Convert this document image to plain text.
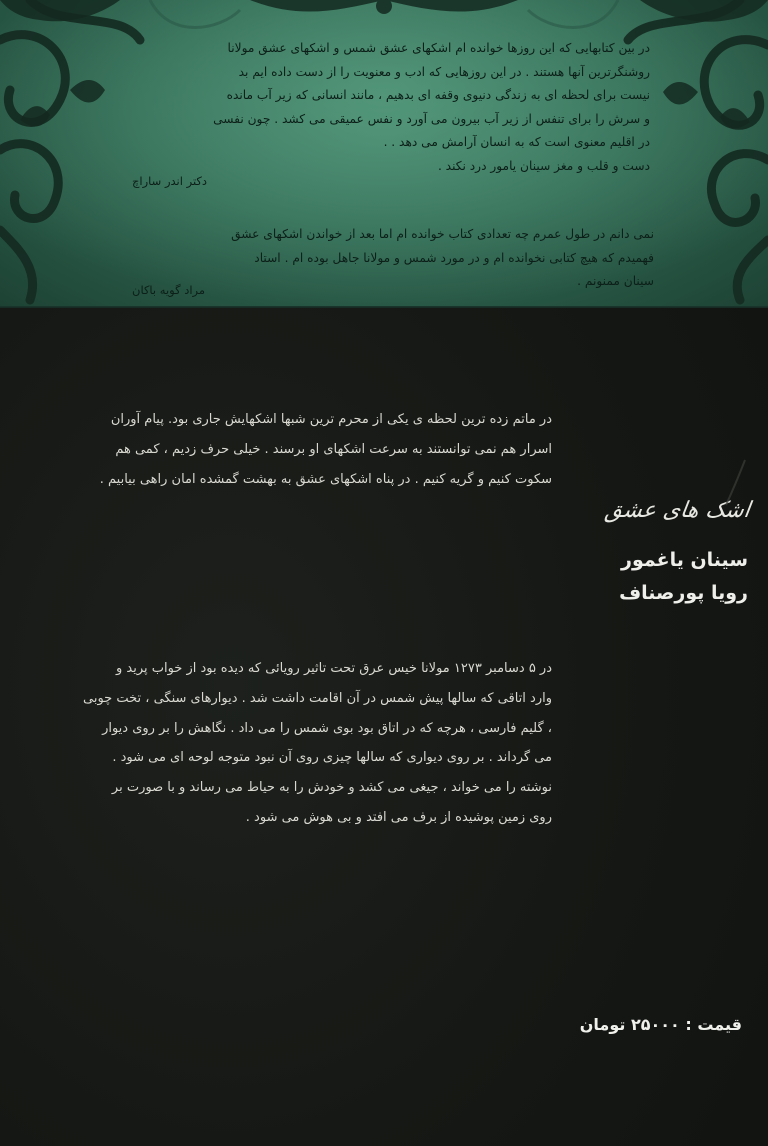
در بین کتابهایی که این روزها خوانده ام اشکهای عشق شمس و اشکهای عشق مولانا
روشنگرترین آنها هستند . در این روزهایی که ادب و معنویت را از دست داده ایم بد
نیست برای لحظه ای به زندگی دنیوی وقفه ای بدهیم ، مانند انسانی که زیر آب مانده
و سرش را برای تنفس از زیر آب بیرون می آورد و نفس عمیقی می کشد . چون نفسی
در اقلیم معنوی است که به انسان آرامش می دهد . .
دست و قلب و مغز سینان یامور درد نکند .
دکتر اندر ساراچ
نمی دانم در طول عمرم چه تعدادی کتاب خوانده ام اما بعد از خواندن اشکهای عشق
فهمیدم که هیچ کتابی نخوانده ام و در مورد شمس و مولانا جاهل بوده ام . استاد
سینان ممنونم .
مراد گویه باکان
در ماتم زده ترین لحظه ی یکی از محرم ترین شبها اشکهایش جاری بود. پیام آوران
اسرار هم نمی توانستند به سرعت اشکهای او برسند . خیلی حرف زدیم ، کمی هم
سکوت کنیم و گریه کنیم . در پناه اشکهای عشق به بهشت گمشده امان راهی بیابیم .
اشک های عشق
سینان یاغمور
رویا پورصناف
در ۵ دسامبر ۱۲۷۳ مولانا خیس عرق تحت تاثیر رویائی که دیده بود از خواب پرید و
وارد اتاقی که سالها پیش شمس در آن اقامت داشت شد . دیوارهای سنگی ، تخت چوبی
، گلیم فارسی ، هرچه که در اتاق بود بوی شمس را می داد . نگاهش را بر روی دیوار
می گرداند . بر روی دیواری که سالها چیزی روی آن نبود متوجه لوحه ای می شود .
نوشته را می خواند ، جیغی می کشد و خودش را به حیاط می رساند و با صورت بر
روی زمین پوشیده از برف می افتد و بی هوش می شود .
قیمت : ۲۵۰۰۰ تومان
